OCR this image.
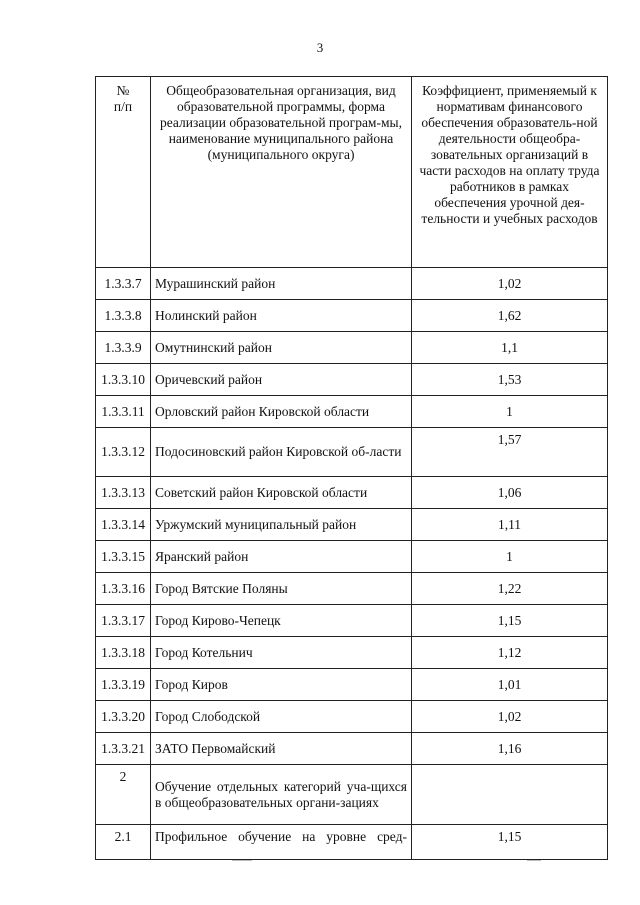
3
№
п/п	Общеобразовательная организация, вид образовательной программы, форма реализации образовательной програм-мы, наименование муниципального района (муниципального округа)	Коэффициент, применяемый к нормативам финансового обеспечения образователь-ной деятельности общеобра-зовательных организаций в части расходов на оплату труда работников в рамках обеспечения урочной дея-тельности и учебных расходов
1.3.3.7	Мурашинский район	1,02
1.3.3.8	Нолинский район	1,62
1.3.3.9	Омутнинский район	1,1
1.3.3.10	Оричевский район	1,53
1.3.3.11	Орловский район Кировской области	1
1.3.3.12	Подосиновский район Кировской об-ласти	1,57
1.3.3.13	Советский район Кировской области	1,06
1.3.3.14	Уржумский муниципальный район	1,11
1.3.3.15	Яранский район	1
1.3.3.16	Город Вятские Поляны	1,22
1.3.3.17	Город Кирово-Чепецк	1,15
1.3.3.18	Город Котельнич	1,12
1.3.3.19	Город Киров	1,01
1.3.3.20	Город Слободской	1,02
1.3.3.21	ЗАТО Первомайский	1,16
2	Обучение отдельных категорий уча-щихся в общеобразовательных органи-зациях	
2.1	Профильное обучение на уровне сред-	1,15
